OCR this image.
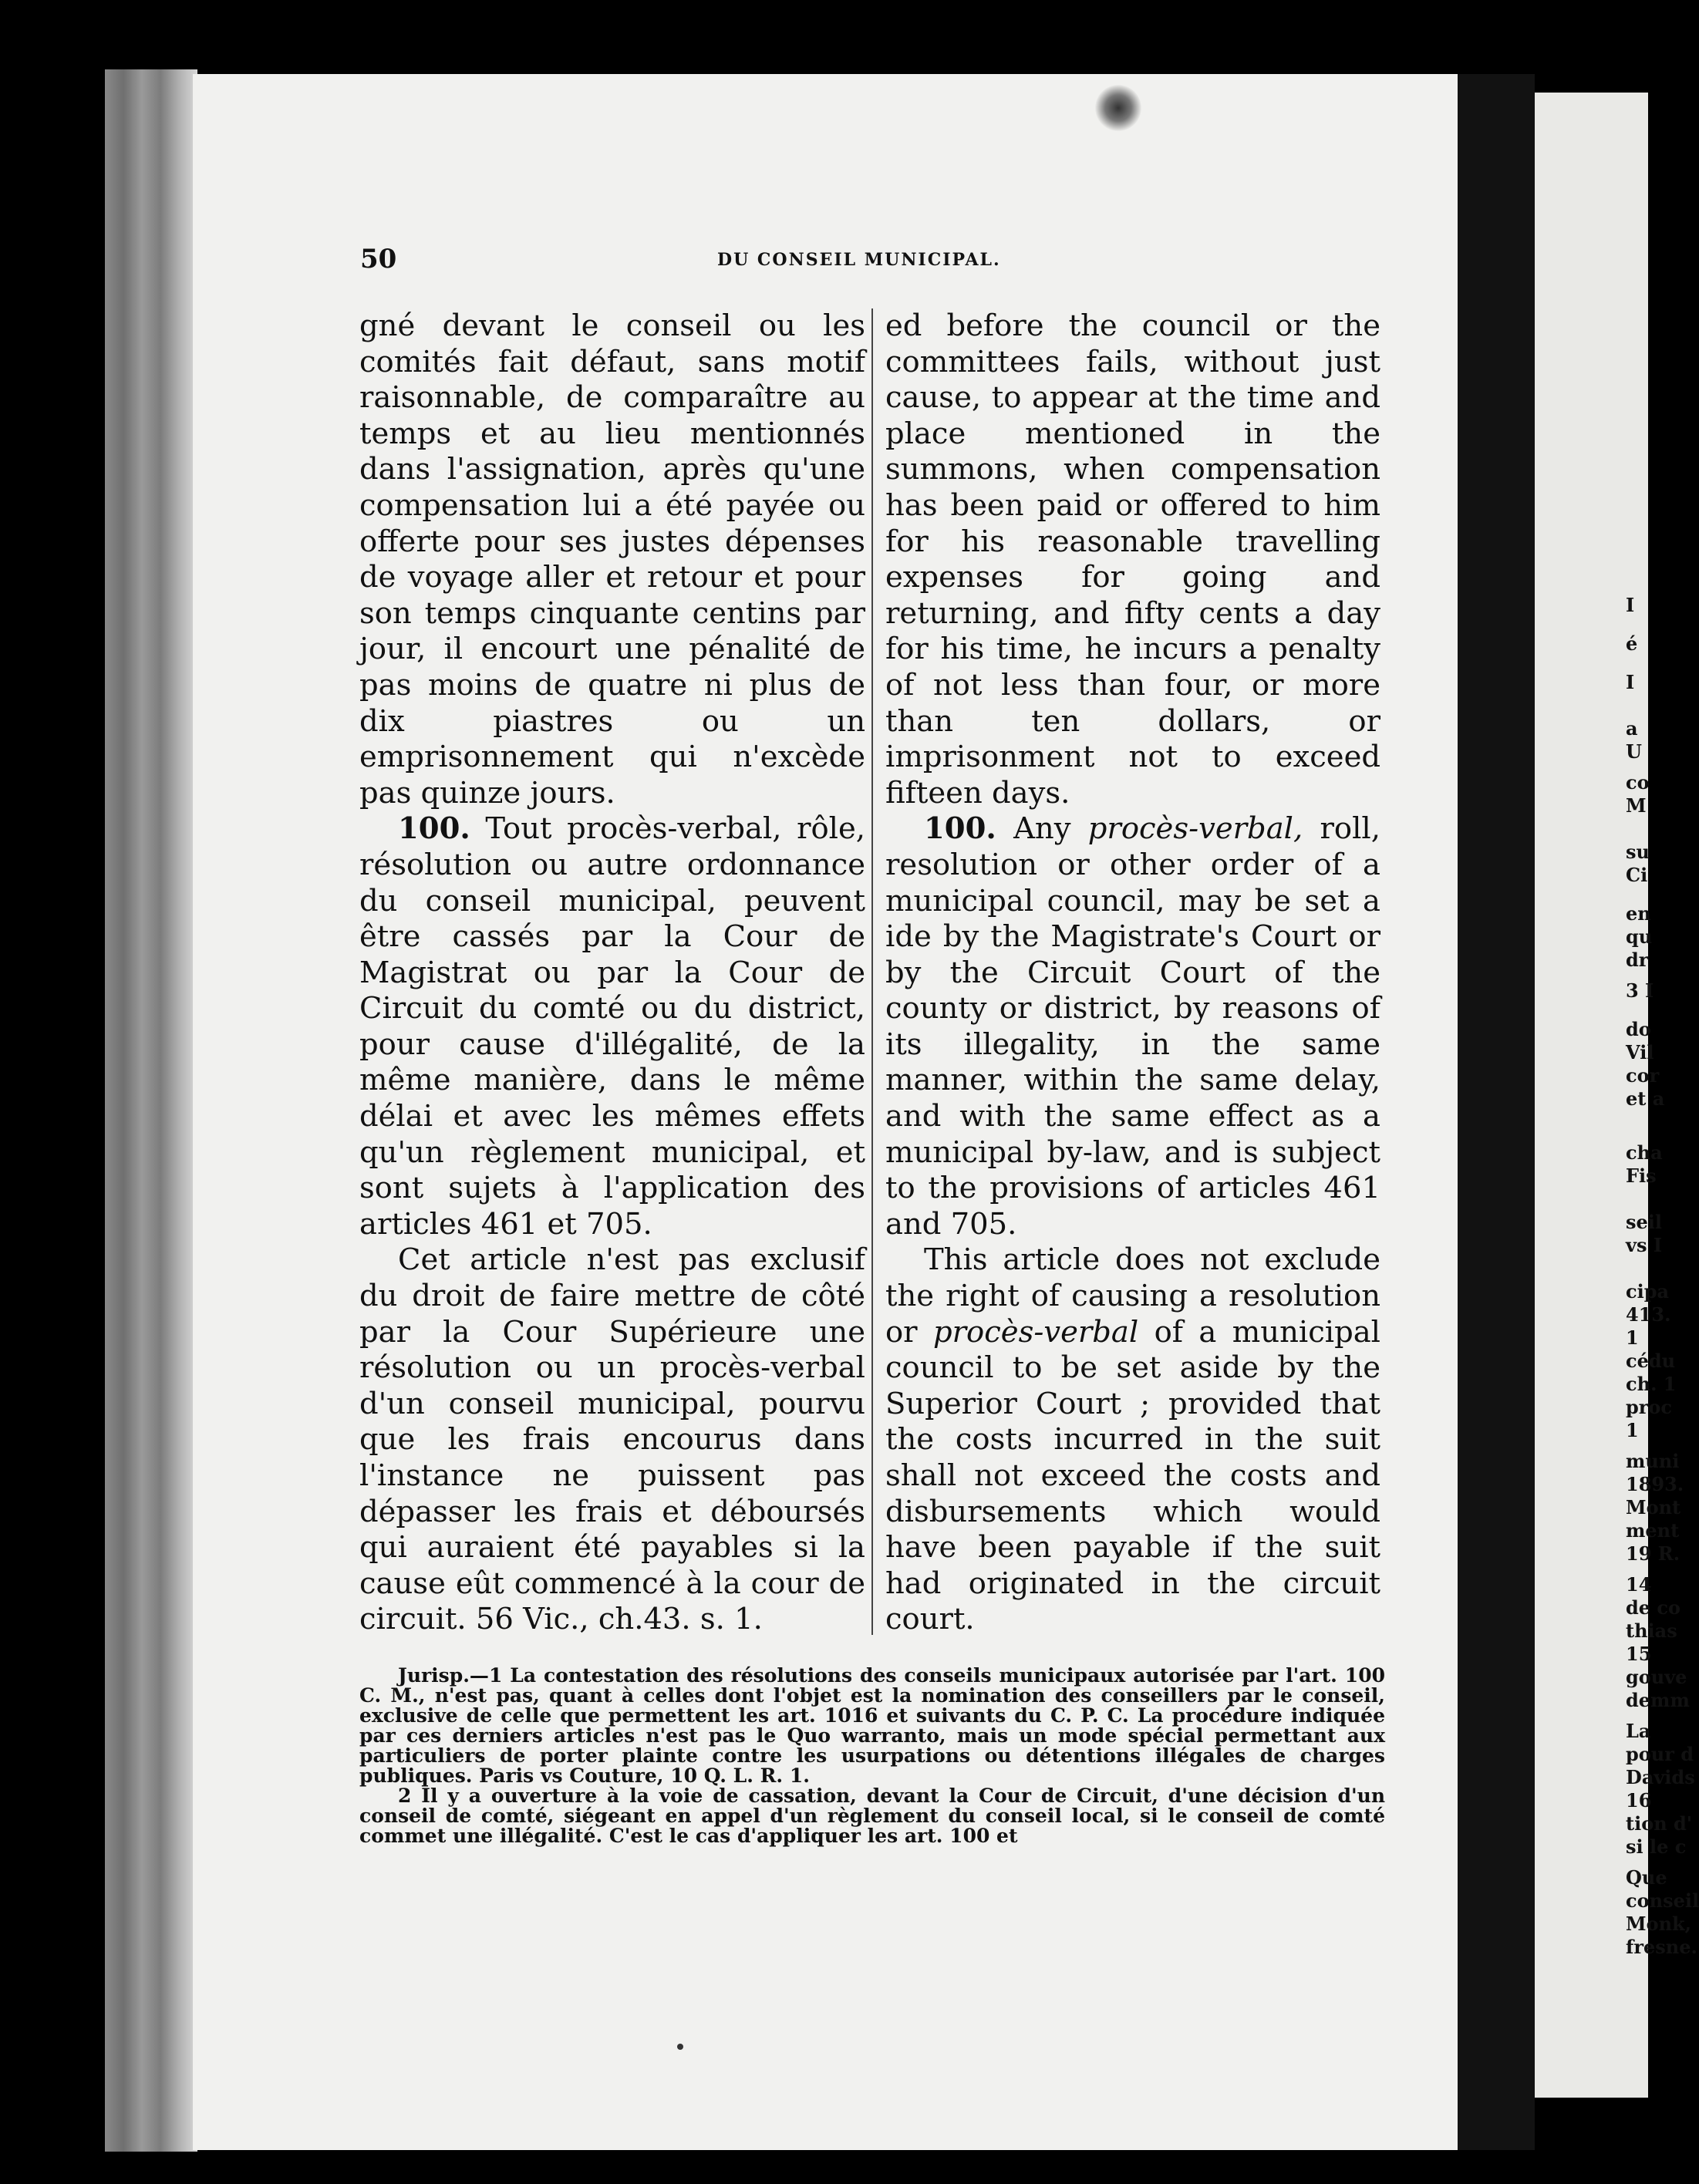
50	DU CONSEIL MUNICIPAL.

gné devant le conseil ou les comités fait défaut, sans motif raisonnable, de comparaître au temps et au lieu mentionnés dans l'assignation, après qu'une compensation lui a été payée ou offerte pour ses justes dépenses de voyage aller et retour et pour son temps cinquante centins par jour, il encourt une pénalité de pas moins de quatre ni plus de dix piastres ou un emprisonnement qui n'excède pas quinze jours.

100. Tout procès-verbal, rôle, résolution ou autre ordonnance du conseil municipal, peuvent être cassés par la Cour de Magistrat ou par la Cour de Circuit du comté ou du district, pour cause d'illégalité, de la même manière, dans le même délai et avec les mêmes effets qu'un règlement municipal, et sont sujets à l'application des articles 461 et 705.

Cet article n'est pas exclusif du droit de faire mettre de côté par la Cour Supérieure une résolution ou un procès-verbal d'un conseil municipal, pourvu que les frais encourus dans l'instance ne puissent pas dépasser les frais et déboursés qui auraient été payables si la cause eût commencé à la cour de circuit. 56 Vic., ch.43. s. 1.

ed before the council or the committees fails, without just cause, to appear at the time and place mentioned in the summons, when compensation has been paid or offered to him for his reasonable travelling expenses for going and returning, and fifty cents a day for his time, he incurs a penalty of not less than four, or more than ten dollars, or imprisonment not to exceed fifteen days.

100. Any procès-verbal, roll, resolution or other order of a municipal council, may be set a ide by the Magistrate's Court or by the Circuit Court of the county or district, by reasons of its illegality, in the same manner, within the same delay, and with the same effect as a municipal by-law, and is subject to the provisions of articles 461 and 705.

This article does not exclude the right of causing a resolution or procès-verbal of a municipal council to be set aside by the Superior Court ; provided that the costs incurred in the suit shall not exceed the costs and disbursements which would have been payable if the suit had originated in the circuit court.

Jurisp.—1 La contestation des résolutions des conseils municipaux autorisée par l'art. 100 C. M., n'est pas, quant à celles dont l'objet est la nomination des conseillers par le conseil, exclusive de celle que permettent les art. 1016 et suivants du C. P. C. La procédure indiquée par ces derniers articles n'est pas le Quo warranto, mais un mode spécial permettant aux particuliers de porter plainte contre les usurpations ou détentions illégales de charges publiques. Paris vs Couture, 10 Q. L. R. 1.

2 Il y a ouverture à la voie de cassation, devant la Cour de Circuit, d'une décision d'un conseil de comté, siégeant en appel d'un règlement du conseil local, si le conseil de comté commet une illégalité. C'est le cas d'appliquer les art. 100 et

I
é
I
a
U
co
M
su
Ci
en
qu
dr
3 I
do
Vil
cor
et a
cha
Fis
seil
vs I
cipa
413.
1
cédu
ch. 1
proc
1
muni
1893.
Mont
ment
19 R.
14
de co
thias
15
gouve
demm
La
pour d
Davids
16
tion d'
si le c
Que
conseil
Monk,
fresne.
